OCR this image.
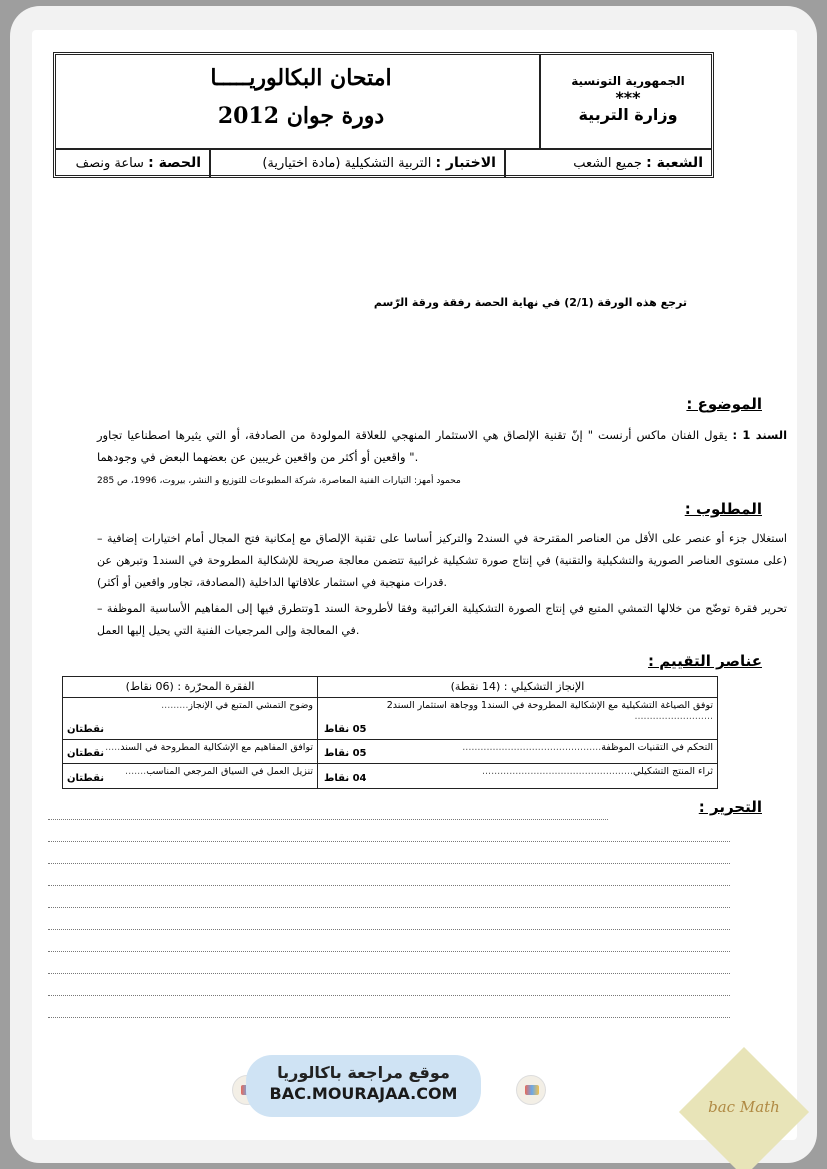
الجمهورية التونسية
***
وزارة التربية
امتحان البكالوريـــــا
دورة جوان 2012
الشعبة : جميع الشعب
الاختبار : التربية التشكيلية (مادة اختيارية)
الحصة : ساعة ونصف
ترجع هذه الورقة (2/1) في نهاية الحصة رفقة ورقة الرّسم
الموضوع :
السند 1 : يقول الفنان ماكس أرنست " إنّ تقنية الإلصاق هي الاستثمار المنهجي للعلاقة المولودة من الصادفة، أو التي يثيرها اصطناعيا تجاور واقعين أو أكثر من واقعين غريبين عن بعضهما البعض في وجودهما ".
محمود أمهز: التيارات الفنية المعاصرة، شركة المطبوعات للتوزيع و النشر، بيروت، 1996، ص 285
المطلوب :
– استغلال جزء أو عنصر على الأقل من العناصر المقترحة في السند2 والتركيز أساسا على تقنية الإلصاق مع إمكانية فتح المجال أمام اختيارات إضافية (على مستوى العناصر الصورية والتشكيلية والتقنية) في إنتاج صورة تشكيلية غرائبية تتضمن معالجة صريحة للإشكالية المطروحة في السند1 وتبرهن عن قدرات منهجية في استثمار علاقاتها الداخلية (المصادفة، تجاور واقعين أو أكثر).
– تحرير فقرة توضّح من خلالها التمشي المتبع في إنتاج الصورة التشكيلية الغرائبية وفقا لأطروحة السند 1وتتطرق فيها إلى المفاهيم الأساسية الموظفة في المعالجة وإلى المرجعيات الفنية التي يحيل إليها العمل.
عناصر التقييم :
الإنجاز التشكيلي : (14 نقطة)
الفقرة المحرّرة : (06 نقاط)
توفق الصياغة التشكيلية مع الإشكالية المطروحة في السند1 ووجاهة استثمار السند2 ..........................
05 نقاط
وضوح التمشي المتبع في الإنجاز.........
نقطتان
التحكم في التقنيات الموظفة..............................................
05 نقاط
توافق المفاهيم مع الإشكالية المطروحة في السند.....
نقطتان
ثراء المنتج التشكيلي..................................................
04 نقاط
تنزيل العمل في السياق المرجعي المناسب.......
نقطتان
التحرير :
موقع مراجعة باكالوريا
BAC.MOURAJAA.COM
bac Math
